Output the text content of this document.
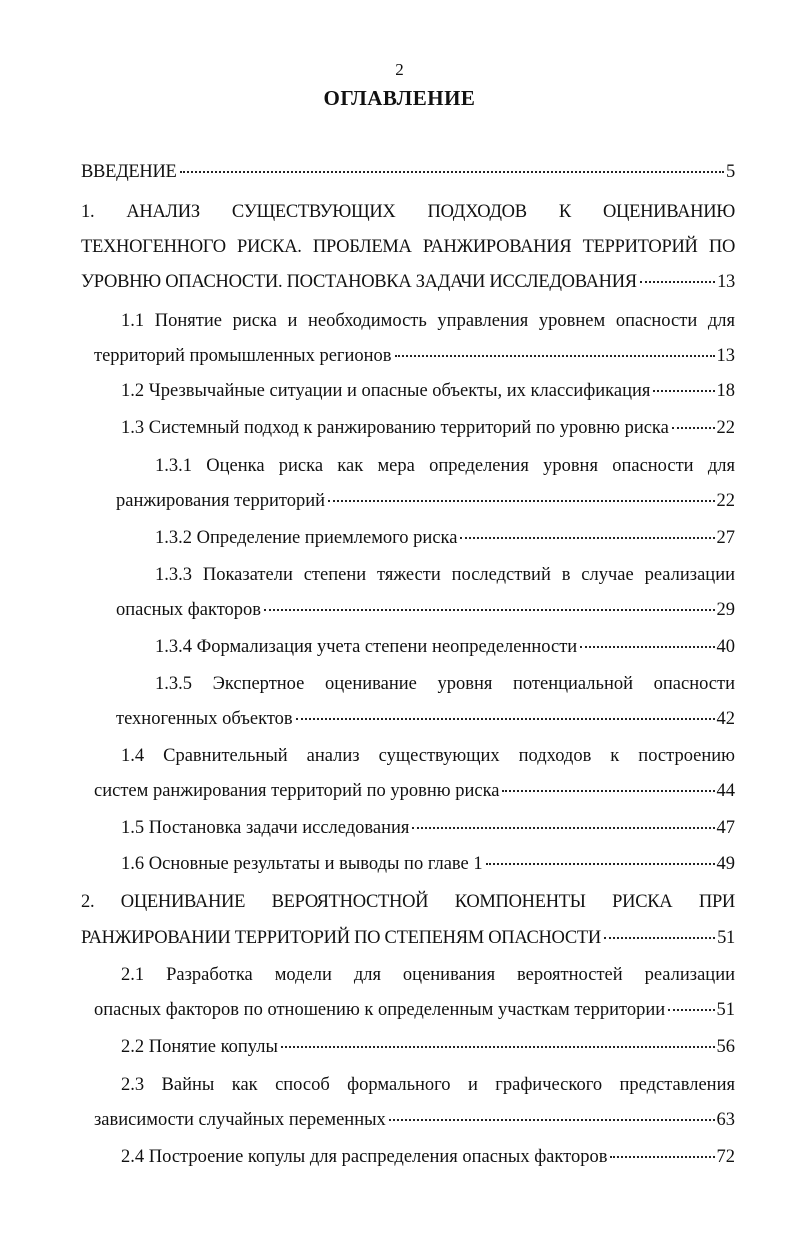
2
ОГЛАВЛЕНИЕ
ВВЕДЕНИЕ	5
1. АНАЛИЗ СУЩЕСТВУЮЩИХ ПОДХОДОВ К ОЦЕНИВАНИЮ
ТЕХНОГЕННОГО РИСКА. ПРОБЛЕМА РАНЖИРОВАНИЯ ТЕРРИТОРИЙ ПО
УРОВНЮ ОПАСНОСТИ. ПОСТАНОВКА ЗАДАЧИ ИССЛЕДОВАНИЯ	13
1.1 Понятие риска и необходимость управления уровнем опасности для
территорий промышленных регионов	13
1.2 Чрезвычайные ситуации и опасные объекты, их классификация	18
1.3 Системный подход к ранжированию территорий по уровню риска	22
1.3.1 Оценка риска как мера определения уровня опасности для
ранжирования территорий	22
1.3.2 Определение приемлемого риска	27
1.3.3 Показатели степени тяжести последствий в случае реализации
опасных факторов	29
1.3.4 Формализация учета степени неопределенности	40
1.3.5 Экспертное оценивание уровня потенциальной опасности
техногенных объектов	42
1.4 Сравнительный анализ существующих подходов к построению
систем ранжирования территорий по уровню риска	44
1.5 Постановка задачи исследования	47
1.6 Основные результаты и выводы по главе 1	49
2. ОЦЕНИВАНИЕ ВЕРОЯТНОСТНОЙ КОМПОНЕНТЫ РИСКА ПРИ
РАНЖИРОВАНИИ ТЕРРИТОРИЙ ПО СТЕПЕНЯМ ОПАСНОСТИ	51
2.1 Разработка модели для оценивания вероятностей реализации
опасных факторов по отношению к определенным участкам территории	51
2.2 Понятие копулы	56
2.3 Вайны как способ формального и графического представления
зависимости случайных переменных	63
2.4 Построение копулы для распределения опасных факторов	72
